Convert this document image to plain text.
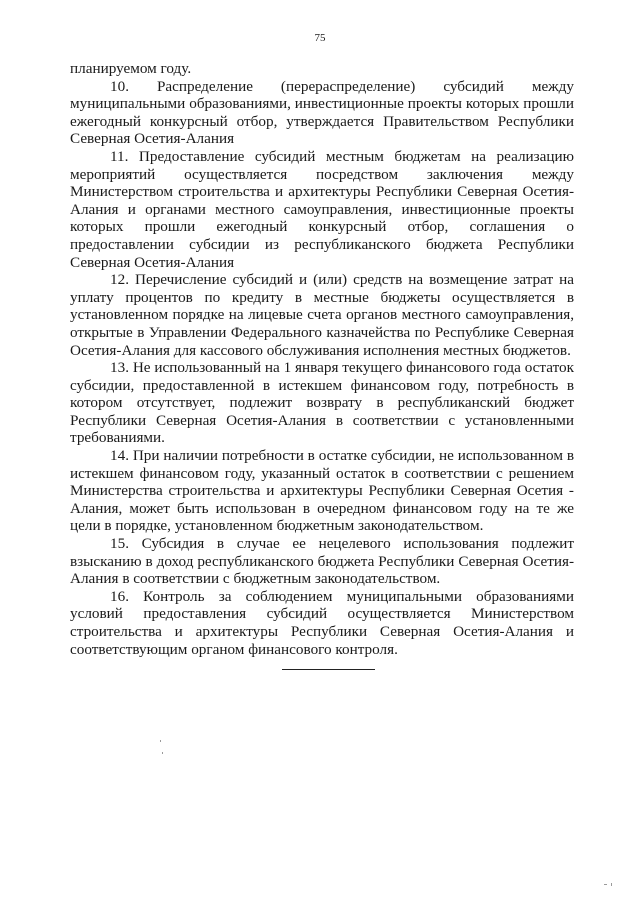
75

планируемом году.

10. Распределение (перераспределение) субсидий между муниципальными образованиями, инвестиционные проекты которых прошли ежегодный конкурсный отбор, утверждается Правительством Республики Северная Осетия-Алания

11. Предоставление субсидий местным бюджетам на реализацию мероприятий осуществляется посредством заключения между Министерством строительства и архитектуры Республики Северная Осетия-Алания и органами местного самоуправления, инвестиционные проекты которых прошли ежегодный конкурсный отбор, соглашения о предоставлении субсидии из республиканского бюджета Республики Северная Осетия-Алания

12. Перечисление субсидий и (или) средств на возмещение затрат на уплату процентов по кредиту в местные бюджеты осуществляется в установленном порядке на лицевые счета органов местного самоуправления, открытые в Управлении Федерального казначейства по Республике Северная Осетия-Алания для кассового обслуживания исполнения местных бюджетов.

13. Не использованный на 1 января текущего финансового года остаток субсидии, предоставленной в истекшем финансовом году, потребность в котором отсутствует, подлежит возврату в республиканский бюджет Республики Северная Осетия-Алания в соответствии с установленными требованиями.

14. При наличии потребности в остатке субсидии, не использованном в истекшем финансовом году, указанный остаток в соответствии с решением Министерства строительства и архитектуры Республики Северная Осетия - Алания, может быть использован в очередном финансовом году на те же цели в порядке, установленном бюджетным законодательством.

15. Субсидия в случае ее нецелевого использования подлежит взысканию в доход республиканского бюджета Республики Северная Осетия-Алания в соответствии с бюджетным законодательством.

16. Контроль за соблюдением муниципальными образованиями условий предоставления субсидий осуществляется Министерством строительства и архитектуры Республики Северная Осетия-Алания и соответствующим органом финансового контроля.
